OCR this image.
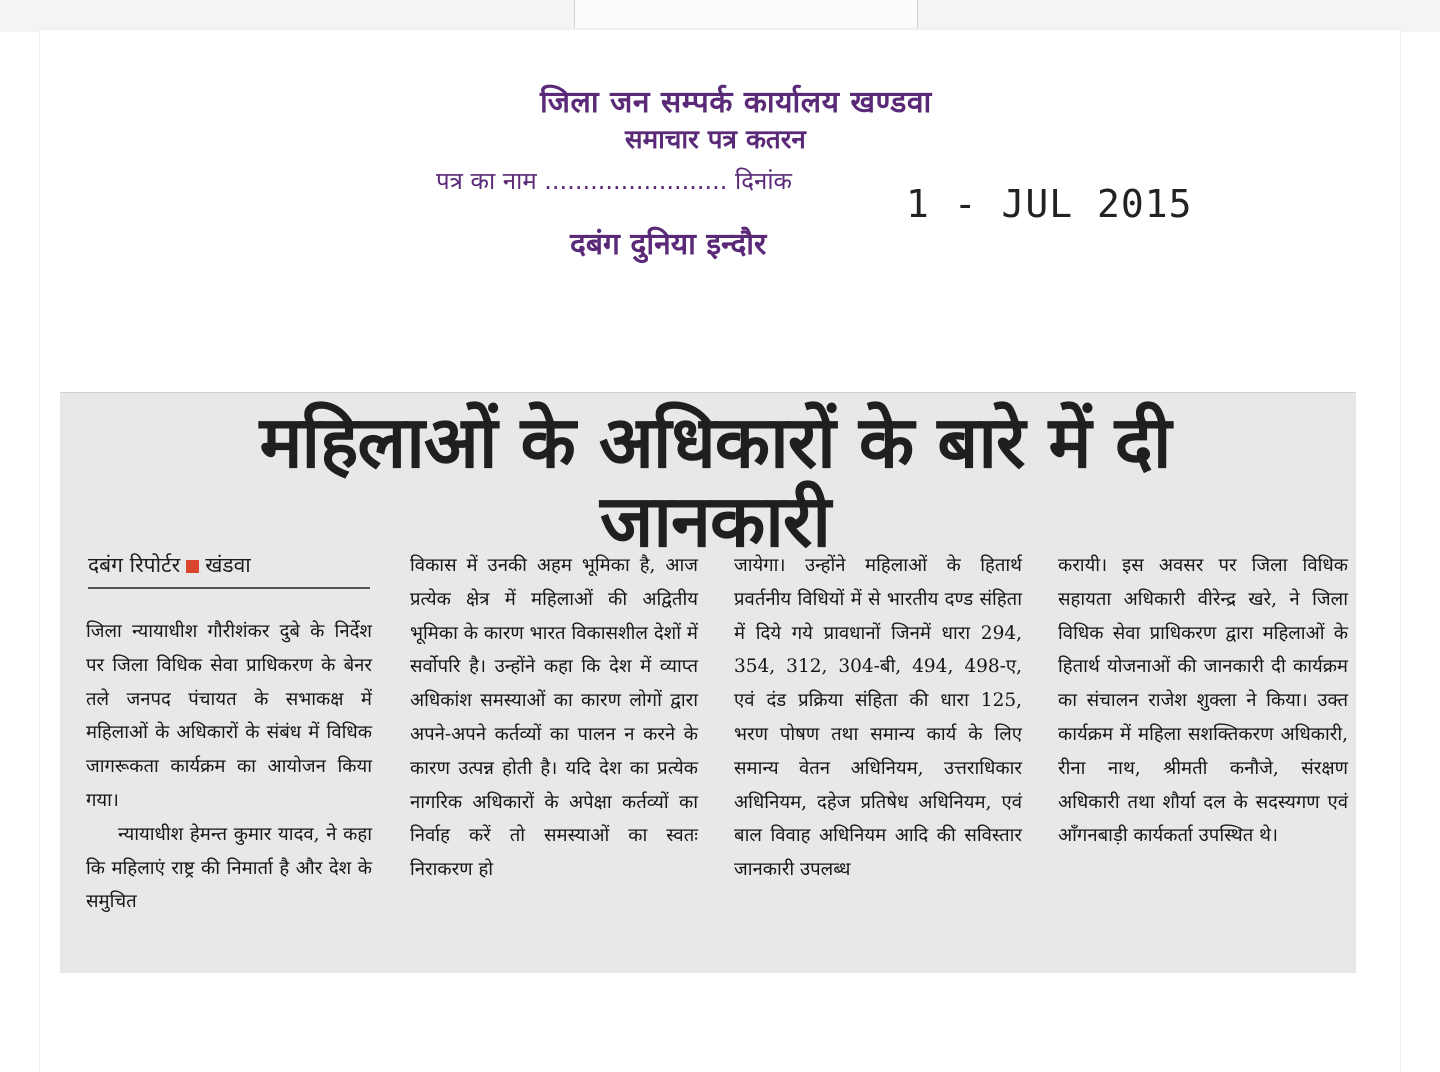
जिला जन सम्पर्क कार्यालय खण्डवा
समाचार पत्र कतरन
पत्र का नाम ........................ दिनांक
दबंग दुनिया इन्दौर
1 - JUL 2015
महिलाओं के अधिकारों के बारे में दी जानकारी
दबंग रिपोर्टर खंडवा

जिला न्यायाधीश गौरीशंकर दुबे के निर्देश पर जिला विधिक सेवा प्राधिकरण के बेनर तले जनपद पंचायत के सभाकक्ष में महिलाओं के अधिकारों के संबंध में विधिक जागरूकता कार्यक्रम का आयोजन किया गया।

न्यायाधीश हेमन्त कुमार यादव, ने कहा कि महिलाएं राष्ट्र की निमार्ता है और देश के समुचित

विकास में उनकी अहम भूमिका है, आज प्रत्येक क्षेत्र में महिलाओं की अद्वितीय भूमिका के कारण भारत विकासशील देशों में सर्वोपरि है। उन्होंने कहा कि देश में व्याप्त अधिकांश समस्याओं का कारण लोगों द्वारा अपने-अपने कर्तव्यों का पालन न करने के कारण उत्पन्न होती है। यदि देश का प्रत्येक नागरिक अधिकारों के अपेक्षा कर्तव्यों का निर्वाह करें तो समस्याओं का स्वतः निराकरण हो

जायेगा। उन्होंने महिलाओं के हितार्थ प्रवर्तनीय विधियों में से भारतीय दण्ड संहिता में दिये गये प्रावधानों जिनमें धारा 294, 354, 312, 304-बी, 494, 498-ए, एवं दंड प्रक्रिया संहिता की धारा 125, भरण पोषण तथा समान्य कार्य के लिए समान्य वेतन अधिनियम, उत्तराधिकार अधिनियम, दहेज प्रतिषेध अधिनियम, एवं बाल विवाह अधिनियम आदि की सविस्तार जानकारी उपलब्ध

करायी। इस अवसर पर जिला विधिक सहायता अधिकारी वीरेन्द्र खरे, ने जिला विधिक सेवा प्राधिकरण द्वारा महिलाओं के हितार्थ योजनाओं की जानकारी दी कार्यक्रम का संचालन राजेश शुक्ला ने किया। उक्त कार्यक्रम में महिला सशक्तिकरण अधिकारी, रीना नाथ, श्रीमती कनौजे, संरक्षण अधिकारी तथा शौर्या दल के सदस्यगण एवं आँगनबाड़ी कार्यकर्ता उपस्थित थे।
